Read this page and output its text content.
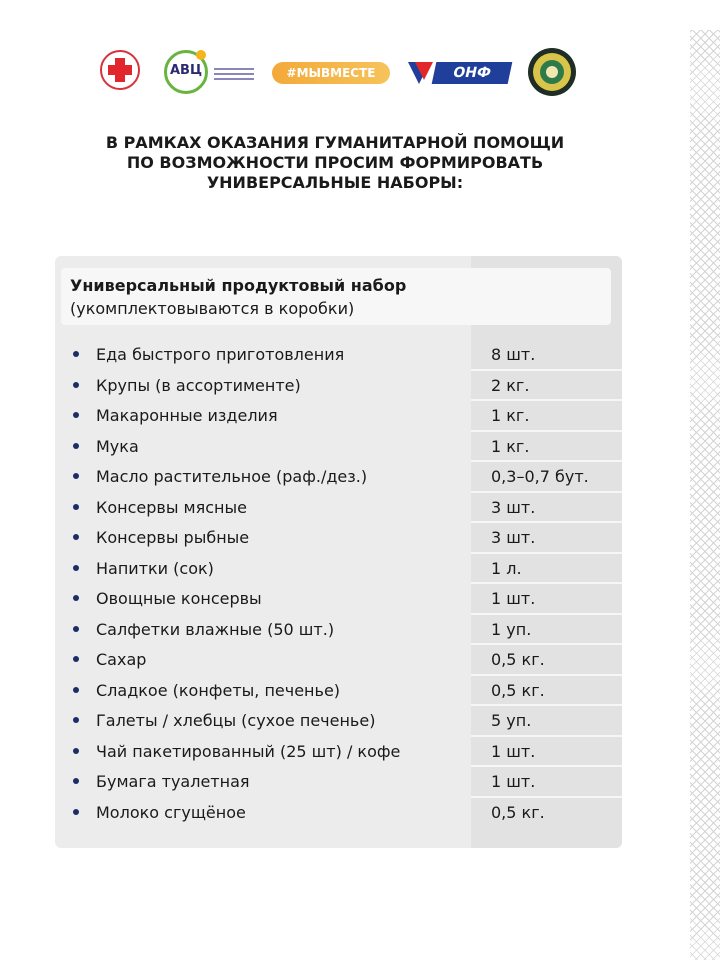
АВЦ	#МЫВМЕСТЕ	ОНФ
В РАМКАХ ОКАЗАНИЯ ГУМАНИТАРНОЙ ПОМОЩИ
ПО ВОЗМОЖНОСТИ ПРОСИМ ФОРМИРОВАТЬ
УНИВЕРСАЛЬНЫЕ НАБОРЫ:
Универсальный продуктовый набор
(укомплектовываются в коробки)
Еда быстрого приготовления	8 шт.
Крупы (в ассортименте)	2 кг.
Макаронные изделия	1 кг.
Мука	1 кг.
Масло растительное (раф./дез.)	0,3–0,7 бут.
Консервы мясные	3 шт.
Консервы рыбные	3 шт.
Напитки (сок)	1 л.
Овощные консервы	1 шт.
Салфетки влажные (50 шт.)	1 уп.
Сахар	0,5 кг.
Сладкое (конфеты, печенье)	0,5 кг.
Галеты / хлебцы (сухое печенье)	5 уп.
Чай пакетированный (25 шт) / кофе	1 шт.
Бумага туалетная	1 шт.
Молоко сгущёное	0,5 кг.
